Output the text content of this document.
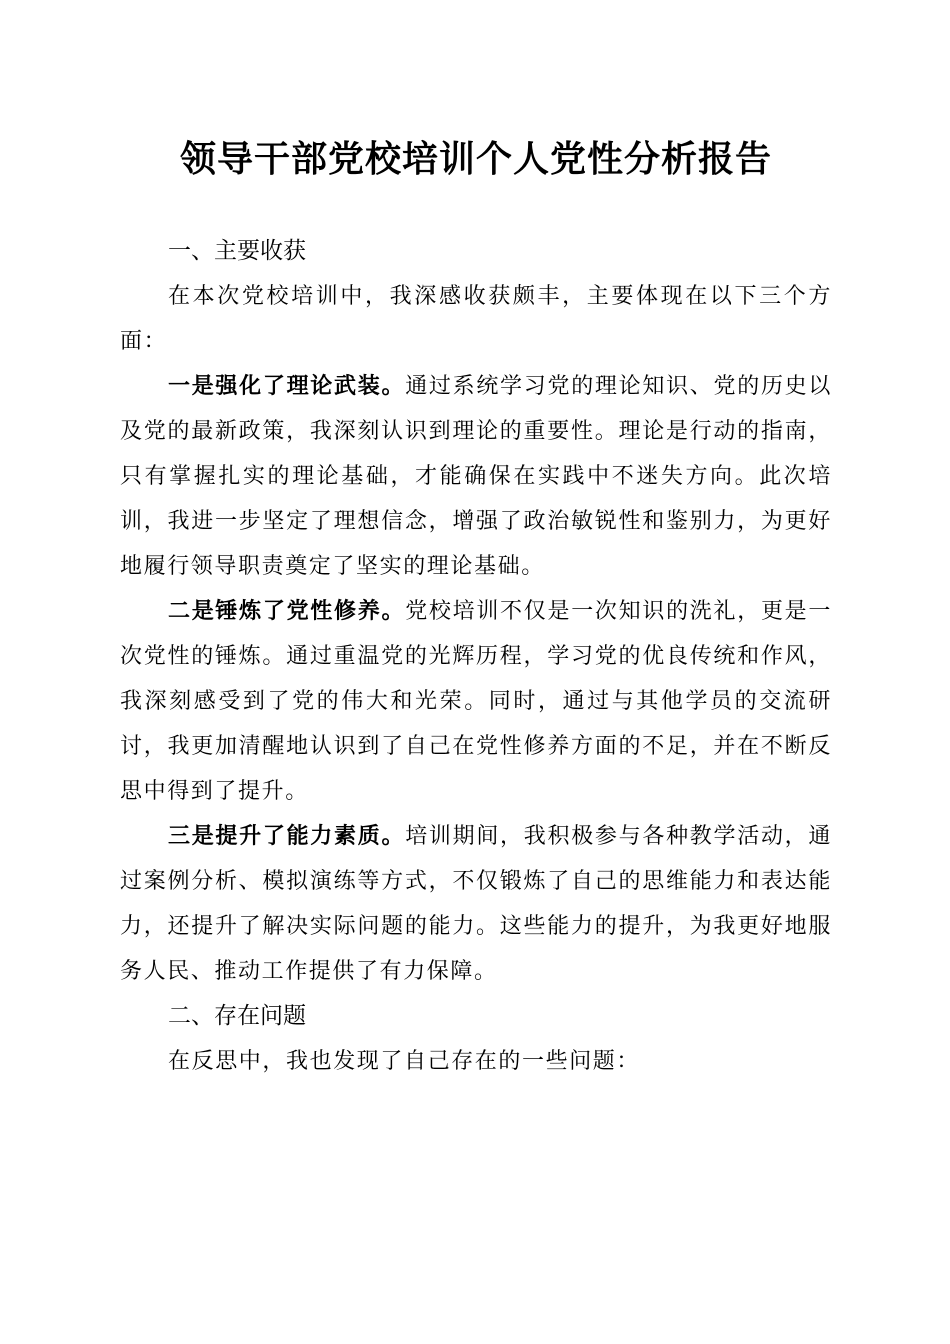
领导干部党校培训个人党性分析报告

一、主要收获

在本次党校培训中，我深感收获颇丰，主要体现在以下三个方面：

一是强化了理论武装。通过系统学习党的理论知识、党的历史以及党的最新政策，我深刻认识到理论的重要性。理论是行动的指南，只有掌握扎实的理论基础，才能确保在实践中不迷失方向。此次培训，我进一步坚定了理想信念，增强了政治敏锐性和鉴别力，为更好地履行领导职责奠定了坚实的理论基础。

二是锤炼了党性修养。党校培训不仅是一次知识的洗礼，更是一次党性的锤炼。通过重温党的光辉历程，学习党的优良传统和作风，我深刻感受到了党的伟大和光荣。同时，通过与其他学员的交流研讨，我更加清醒地认识到了自己在党性修养方面的不足，并在不断反思中得到了提升。

三是提升了能力素质。培训期间，我积极参与各种教学活动，通过案例分析、模拟演练等方式，不仅锻炼了自己的思维能力和表达能力，还提升了解决实际问题的能力。这些能力的提升，为我更好地服务人民、推动工作提供了有力保障。

二、存在问题

在反思中，我也发现了自己存在的一些问题：
